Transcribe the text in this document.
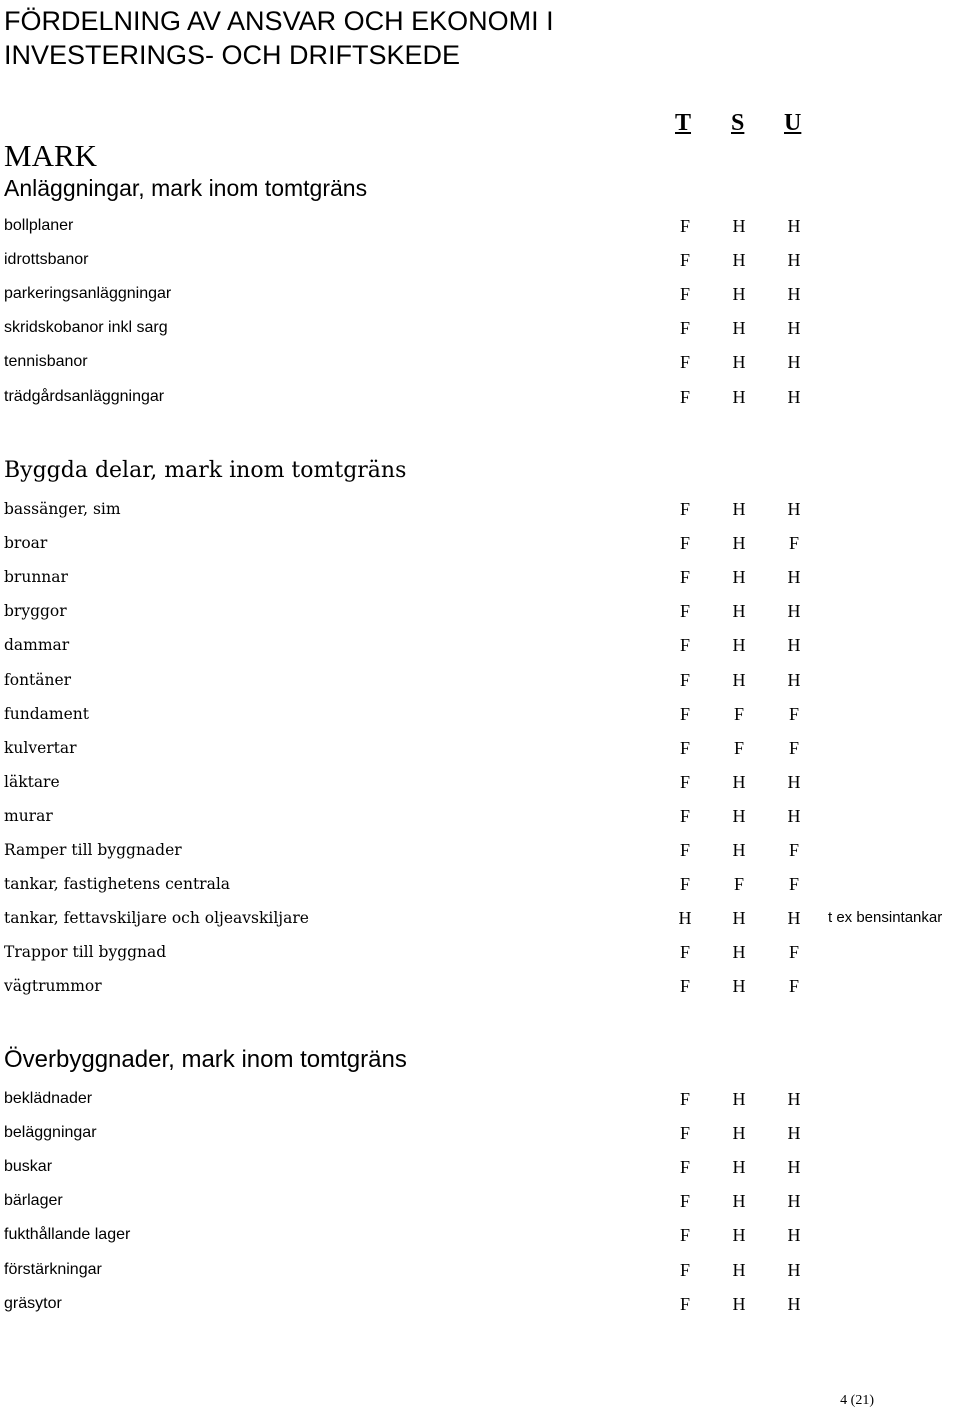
FÖRDELNING AV ANSVAR OCH EKONOMI I
INVESTERINGS- OCH DRIFTSKEDE
T S U
MARK
Anläggningar, mark inom tomtgräns
Byggda delar, mark inom tomtgräns
Överbyggnader, mark inom tomtgräns
bollplaner	F H H
idrottsbanor	F H H
parkeringsanläggningar	F H H
skridskobanor inkl sarg	F H H
tennisbanor	F H H
trädgårdsanläggningar	F H H
bassänger, sim	F H H
broar	F H F
brunnar	F H H
bryggor	F H H
dammar	F H H
fontäner	F H H
fundament	F F F
kulvertar	F F F
läktare	F H H
murar	F H H
Ramper till byggnader	F H F
tankar, fastighetens centrala	F F F
tankar, fettavskiljare och oljeavskiljare	H H H t ex bensintankar
Trappor till byggnad	F H F
vägtrummor	F H F
beklädnader	F H H
beläggningar	F H H
buskar	F H H
bärlager	F H H
fukthållande lager	F H H
förstärkningar	F H H
gräsytor	F H H
4 (21)
